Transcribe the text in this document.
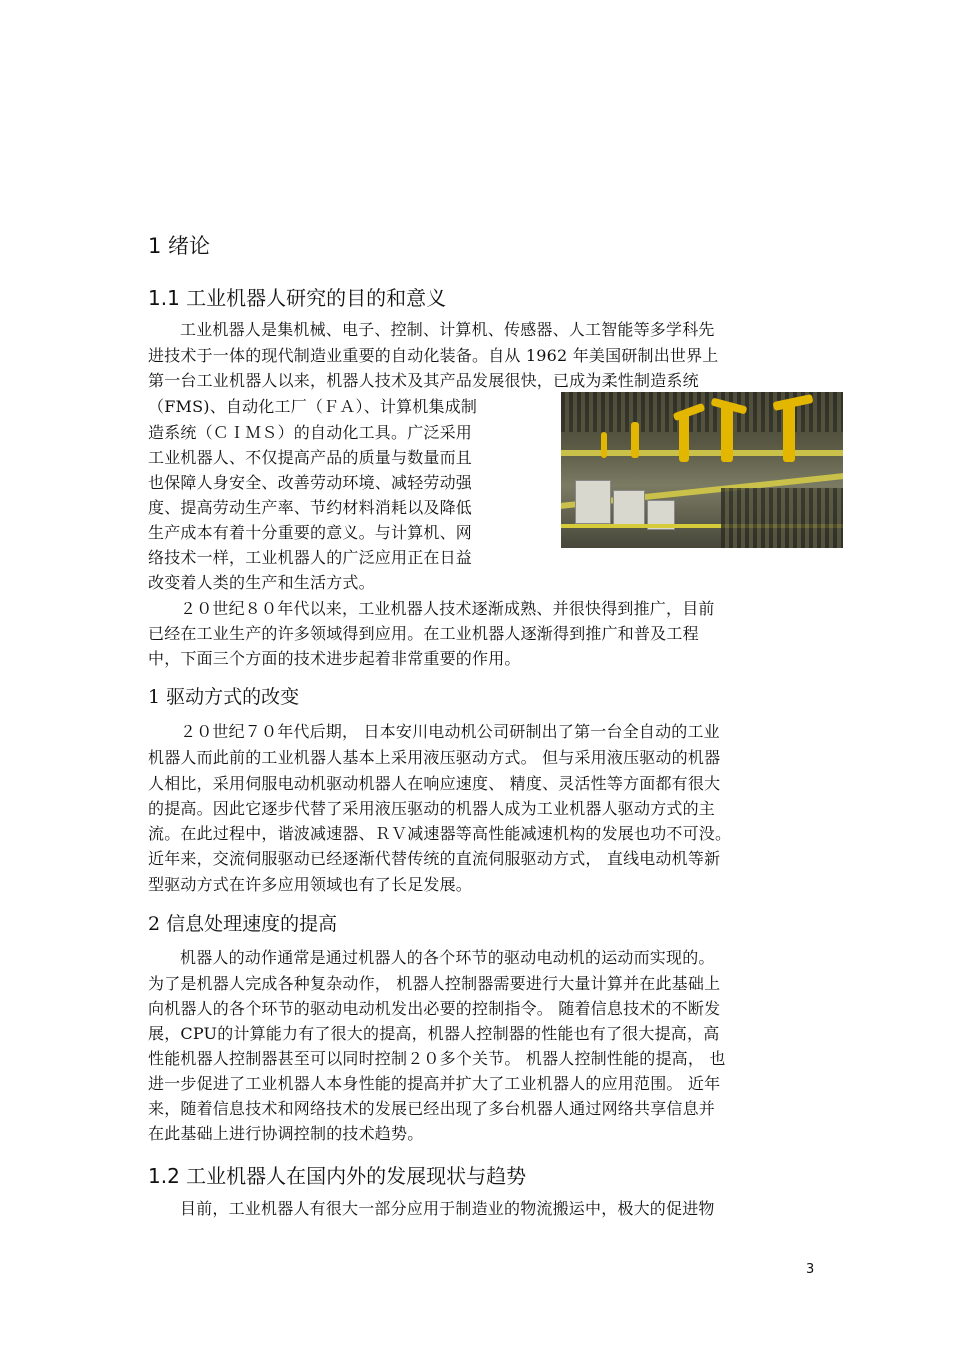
1 绪论
1.1 工业机器人研究的目的和意义
工业机器人是集机械、电子、控制、计算机、传感器、人工智能等多学科先
进技术于一体的现代制造业重要的自动化装备。自从 1962 年美国研制出世界上
第一台工业机器人以来，机器人技术及其产品发展很快，已成为柔性制造系统
（FMS)、自动化工厂（ＦＡ）、计算机集成制
造系统（ＣＩＭＳ）的自动化工具。广泛采用
工业机器人、不仅提高产品的质量与数量而且
也保障人身安全、改善劳动环境、减轻劳动强
度、提高劳动生产率、节约材料消耗以及降低
生产成本有着十分重要的意义。与计算机、网
络技术一样，工业机器人的广泛应用正在日益
改变着人类的生产和生活方式。
２０世纪８０年代以来，工业机器人技术逐渐成熟、并很快得到推广，目前
已经在工业生产的许多领域得到应用。在工业机器人逐渐得到推广和普及工程
中，下面三个方面的技术进步起着非常重要的作用。
1 驱动方式的改变
２０世纪７０年代后期， 日本安川电动机公司研制出了第一台全自动的工业
机器人而此前的工业机器人基本上采用液压驱动方式。 但与采用液压驱动的机器
人相比，采用伺服电动机驱动机器人在响应速度、 精度、灵活性等方面都有很大
的提高。因此它逐步代替了采用液压驱动的机器人成为工业机器人驱动方式的主
流。在此过程中，谐波减速器、ＲＶ减速器等高性能减速机构的发展也功不可没。
近年来，交流伺服驱动已经逐渐代替传统的直流伺服驱动方式， 直线电动机等新
型驱动方式在许多应用领域也有了长足发展。
2 信息处理速度的提高
机器人的动作通常是通过机器人的各个环节的驱动电动机的运动而实现的。
为了是机器人完成各种复杂动作， 机器人控制器需要进行大量计算并在此基础上
向机器人的各个环节的驱动电动机发出必要的控制指令。 随着信息技术的不断发
展，CPU的计算能力有了很大的提高，机器人控制器的性能也有了很大提高，高
性能机器人控制器甚至可以同时控制２０多个关节。 机器人控制性能的提高， 也
进一步促进了工业机器人本身性能的提高并扩大了工业机器人的应用范围。 近年
来，随着信息技术和网络技术的发展已经出现了多台机器人通过网络共享信息并
在此基础上进行协调控制的技术趋势。
1.2 工业机器人在国内外的发展现状与趋势
目前，工业机器人有很大一部分应用于制造业的物流搬运中，极大的促进物
3
